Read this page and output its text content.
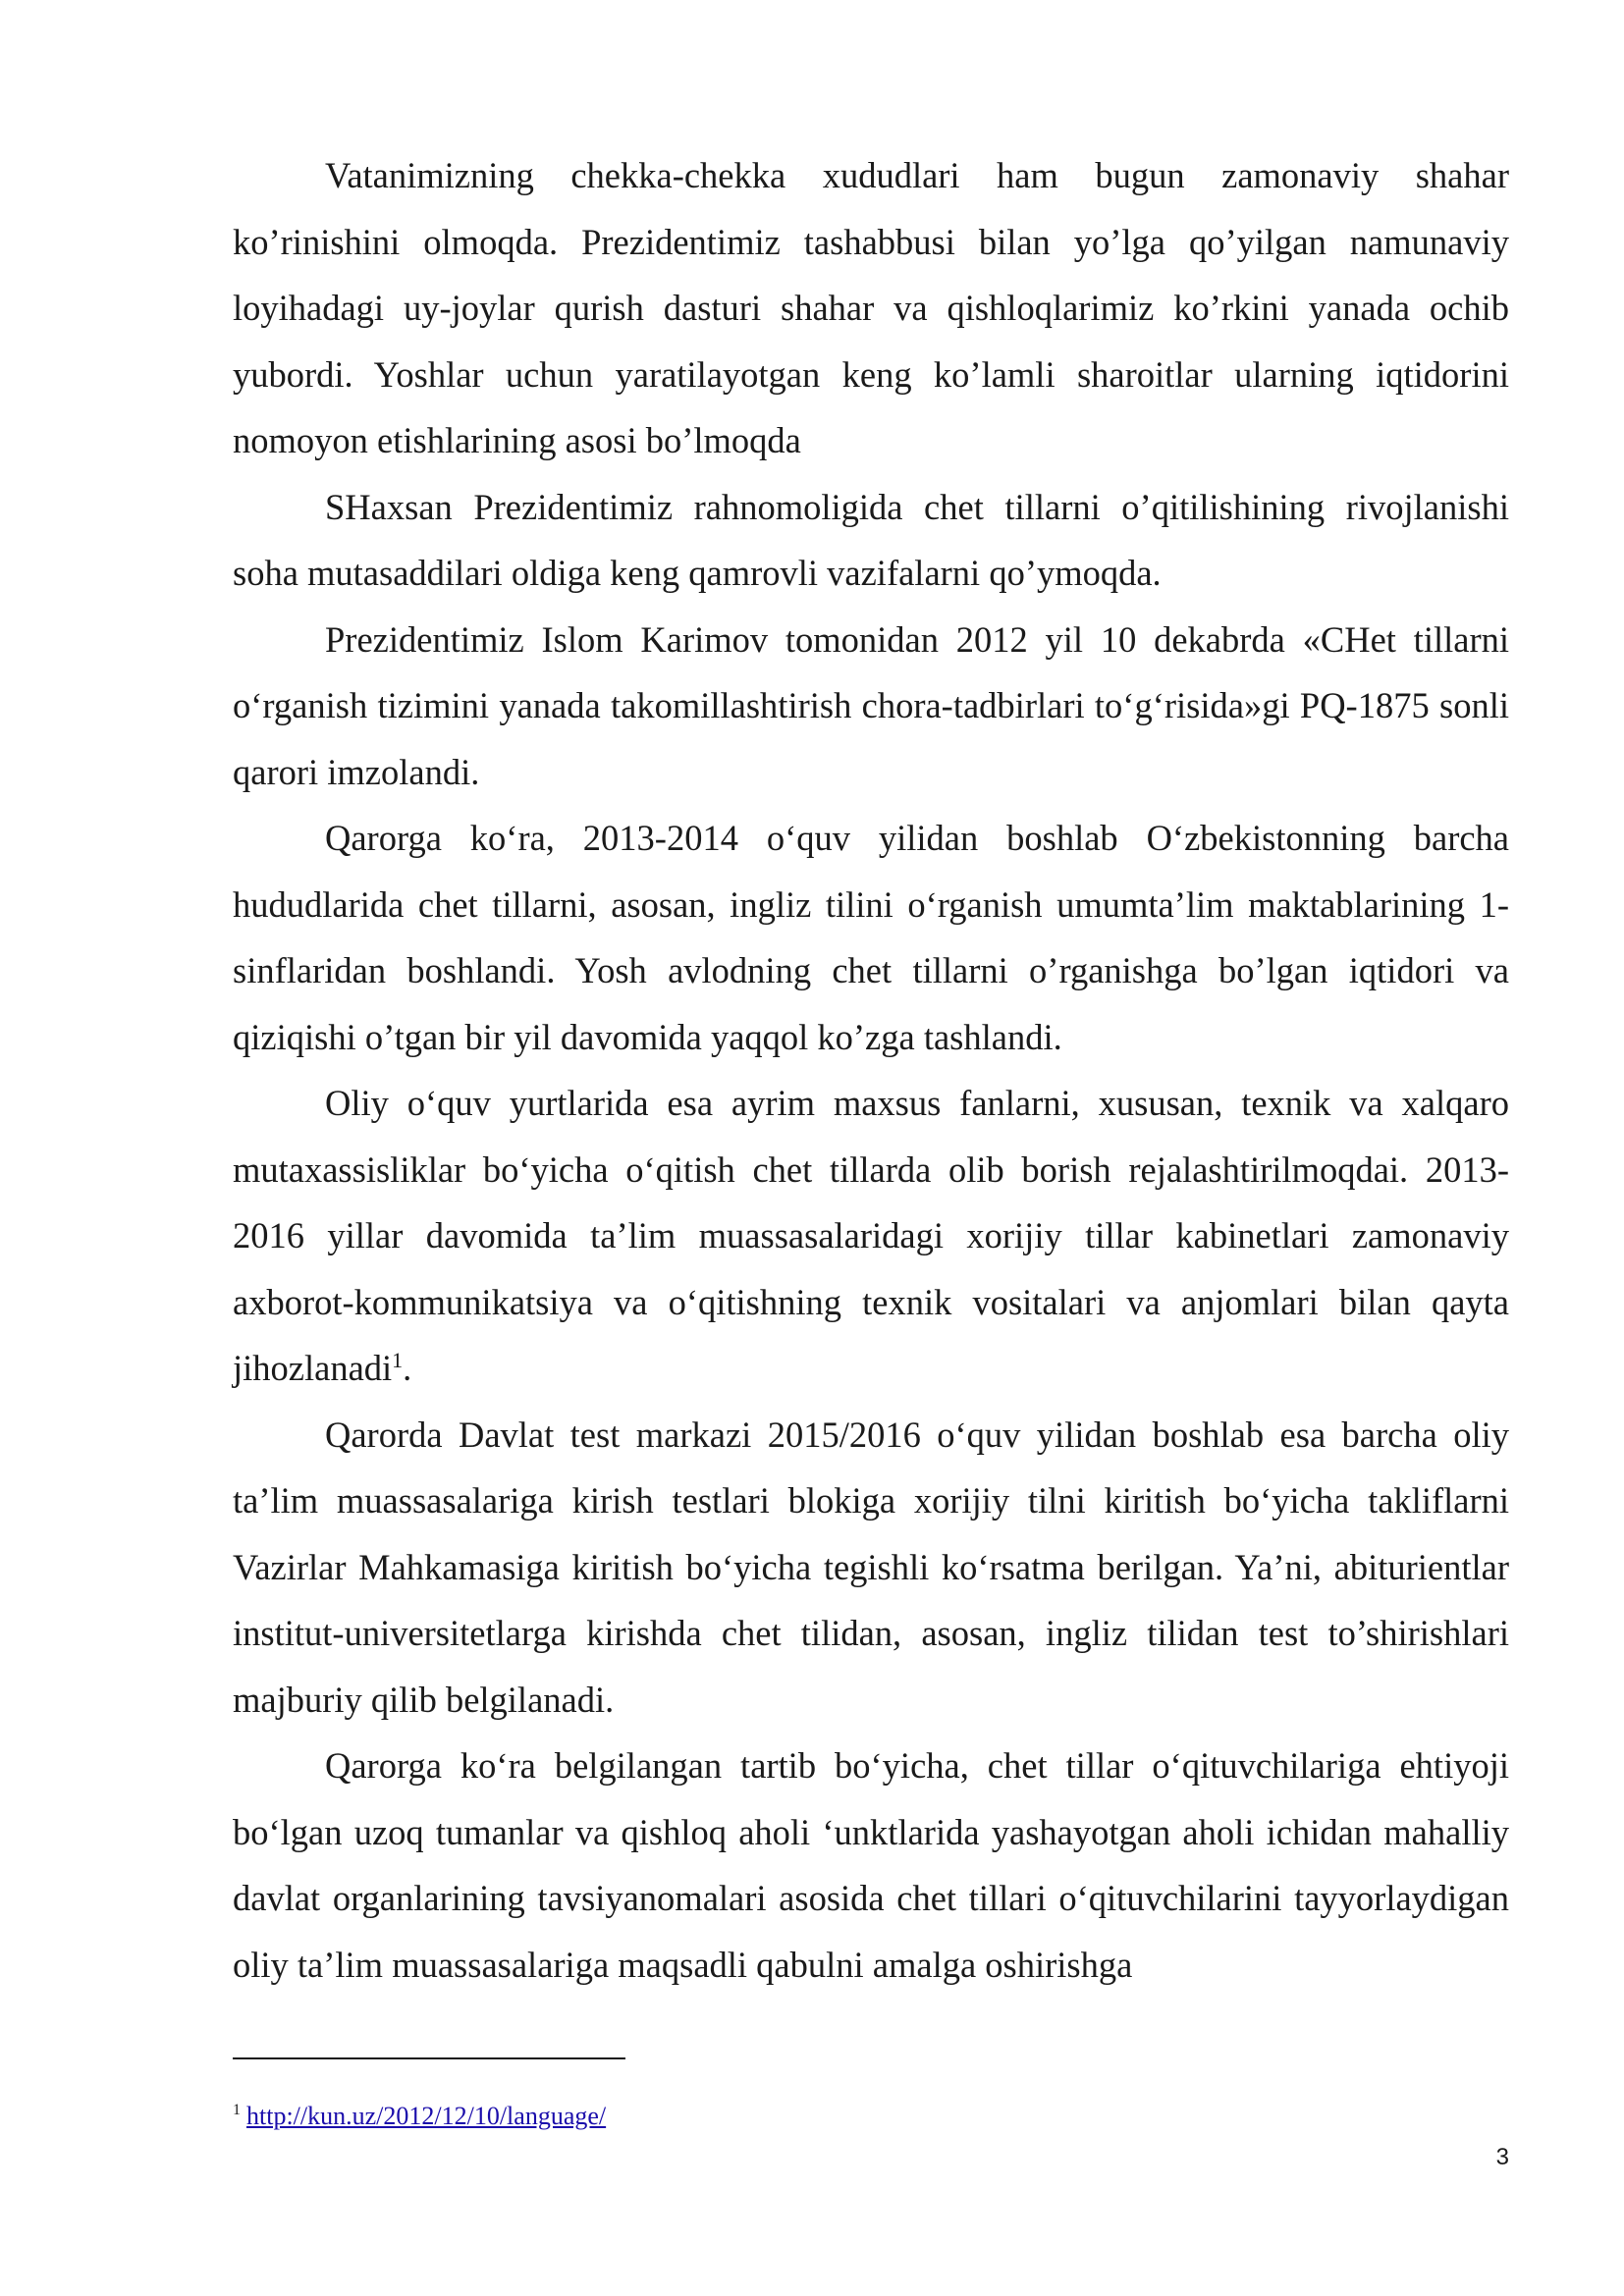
Vatanimizning chekka-chekka xududlari ham bugun zamonaviy shahar ko’rinishini olmoqda. Prezidentimiz tashabbusi bilan yo’lga qo’yilgan namunaviy loyihadagi uy-joylar qurish dasturi shahar va qishloqlarimiz ko’rkini yanada ochib yubordi. Yoshlar uchun yaratilayotgan keng ko’lamli sharoitlar ularning iqtidorini nomoyon etishlarining asosi bo’lmoqda

SHaxsan Prezidentimiz rahnomoligida chet tillarni o’qitilishining rivojlanishi soha mutasaddilari oldiga keng qamrovli vazifalarni qo’ymoqda.

Prezidentimiz Islom Karimov tomonidan 2012 yil 10 dekabrda «CHet tillarni o‘rganish tizimini yanada takomillashtirish chora-tadbirlari to‘g‘risida»gi PQ-1875 sonli qarori imzolandi.

Qarorga ko‘ra, 2013-2014 o‘quv yilidan boshlab O‘zbekistonning barcha hududlarida chet tillarni, asosan, ingliz tilini o‘rganish umumta’lim maktablarining 1-sinflaridan boshlandi. Yosh avlodning chet tillarni o’rganishga bo’lgan iqtidori va qiziqishi o’tgan bir yil davomida yaqqol ko’zga tashlandi.

Oliy o‘quv yurtlarida esa ayrim maxsus fanlarni, xususan, texnik va xalqaro mutaxassisliklar bo‘yicha o‘qitish chet tillarda olib borish rejalashtirilmoqdai. 2013-2016 yillar davomida ta’lim muassasalaridagi xorijiy tillar kabinetlari zamonaviy axborot-kommunikatsiya va o‘qitishning texnik vositalari va anjomlari bilan qayta jihozlanadi$^1$.

Qarorda Davlat test markazi 2015/2016 o‘quv yilidan boshlab esa barcha oliy ta’lim muassasalariga kirish testlari blokiga xorijiy tilni kiritish bo‘yicha takliflarni Vazirlar Mahkamasiga kiritish bo‘yicha tegishli ko‘rsatma berilgan. Ya’ni, abiturientlar institut-universitetlarga kirishda chet tilidan, asosan, ingliz tilidan test to’shirishlari majburiy qilib belgilanadi.

Qarorga ko‘ra belgilangan tartib bo‘yicha, chet tillar o‘qituvchilariga ehtiyoji bo‘lgan uzoq tumanlar va qishloq aholi ‘unktlarida yashayotgan aholi ichidan mahalliy davlat organlarining tavsiyanomalari asosida chet tillari o‘qituvchilarini tayyorlaydigan oliy ta’lim muassasalariga maqsadli qabulni amalga oshirishga

$^1$ http://kun.uz/2012/12/10/language/
3
